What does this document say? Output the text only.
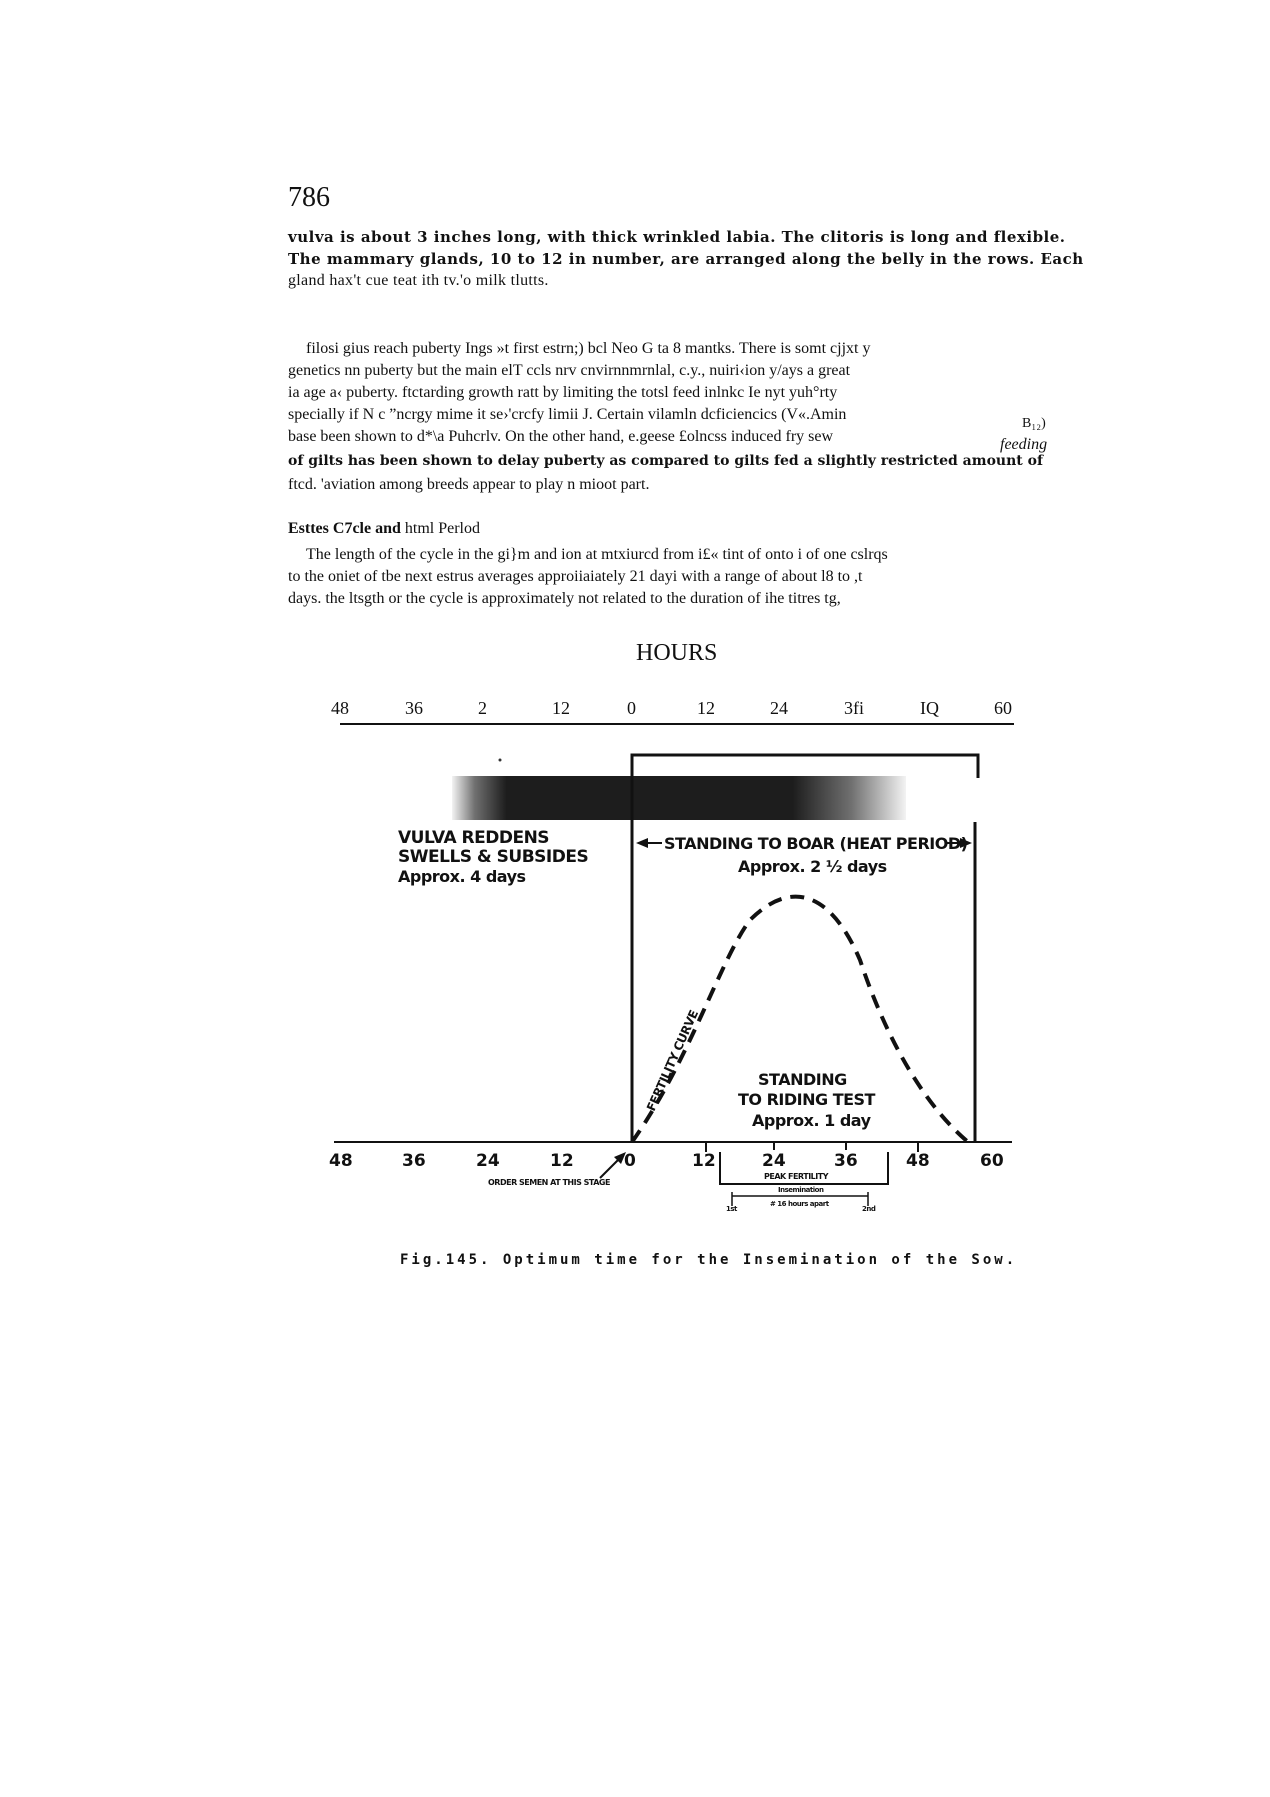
786
vulva is about 3 inches long, with thick wrinkled labia. The clitoris is long and flexible.
The mammary glands, 10 to 12 in number, are arranged along the belly in the rows. Each
gland hax't cue teat ith tv.'o milk tlutts.
filosi gius reach puberty Ings »t first estrn;) bcl Neo G ta 8 mantks. There is somt cjjxt y
genetics nn puberty but the main elT ccls nrv cnvirnnmrnlal, c.y., nuiri‹ion y/ays a great
ia age a‹ puberty. ftctarding growth ratt by limiting the totsl feed inlnkc Ie nyt yuh°rty
specially if N c ”ncrgy mime it se›'crcfy limii J. Certain vilamln dcficiencics (V«.Amin
base been shown to d*\a Puhcrlv. On the other hand, e.geese £olncss induced fry sew
of gilts has been shown to delay puberty as compared to gilts fed a slightly restricted amount of
ftcd. 'aviation among breeds appear to play n mioot part.
B₁₂)
feeding
Esttes C7cle and html Perlod
The length of the cycle in the gi}m and ion at mtxiurcd from i£« tint of onto i of one cslrqs
to the oniet of tbe next estrus averages approiiaiately 21 dayi with a range of about l8 to ,t
days. the ltsgth or the cycle is approximately not related to the duration of ihe titres tg,
HOURS
48	36	2	12	0	12	24	3fi	IQ	60
FERTILITY CURVE
VULVA REDDENS
SWELLS & SUBSIDES
Approx. 4 days
STANDING TO BOAR (HEAT PERIOD)
Approx. 2 ½ days
STANDING
TO RIDING TEST
Approx. 1 day
48	36	24	12	0	12	24	36	48	60
ORDER SEMEN AT THIS STAGE
PEAK FERTILITY
Insemination
# 16 hours apart
1st	2nd
Fig.145. Optimum time for the Insemination of the Sow.
